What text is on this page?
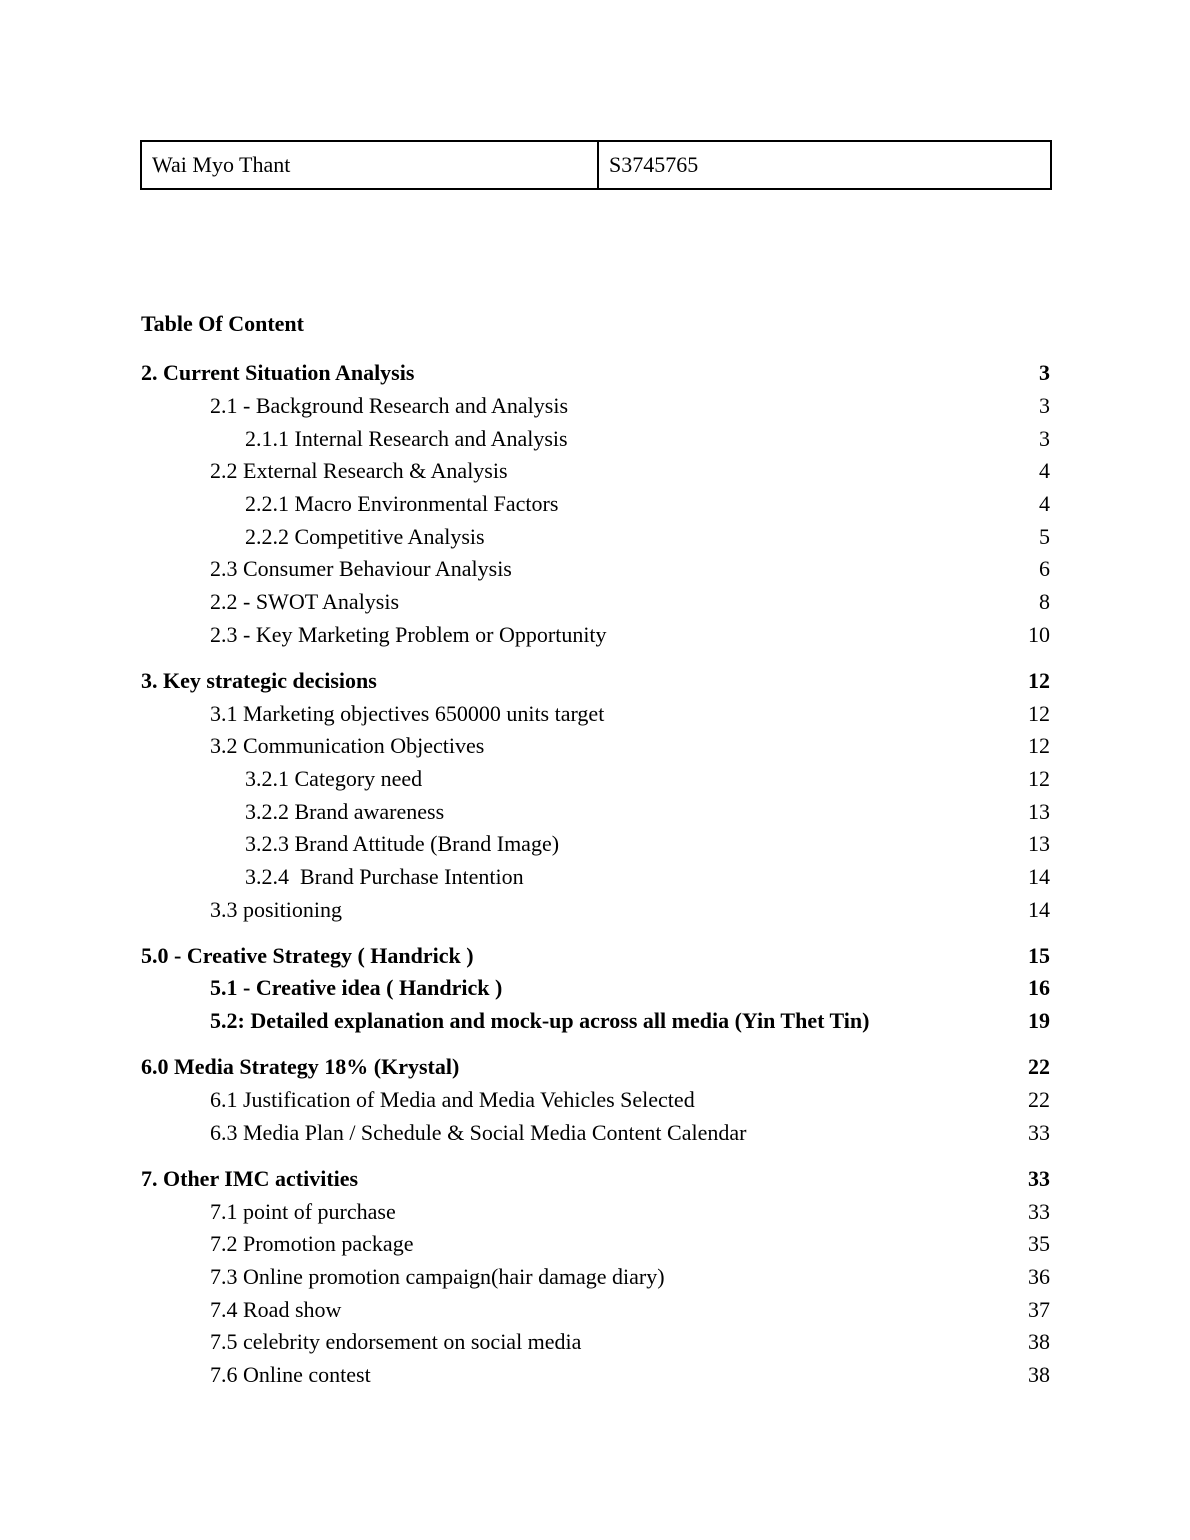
Wai Myo Thant	S3745765
Table Of Content
2. Current Situation Analysis	3
2.1 - Background Research and Analysis	3
2.1.1 Internal Research and Analysis	3
2.2 External Research & Analysis	4
2.2.1 Macro Environmental Factors	4
2.2.2 Competitive Analysis	5
2.3 Consumer Behaviour Analysis	6
2.2 - SWOT Analysis	8
2.3 - Key Marketing Problem or Opportunity	10
3. Key strategic decisions	12
3.1 Marketing objectives 650000 units target	12
3.2 Communication Objectives	12
3.2.1 Category need	12
3.2.2 Brand awareness	13
3.2.3 Brand Attitude (Brand Image)	13
3.2.4  Brand Purchase Intention	14
3.3 positioning	14
5.0 - Creative Strategy ( Handrick )	15
5.1 - Creative idea ( Handrick )	16
5.2: Detailed explanation and mock-up across all media (Yin Thet Tin)	19
6.0 Media Strategy 18% (Krystal)	22
6.1 Justification of Media and Media Vehicles Selected	22
6.3 Media Plan / Schedule & Social Media Content Calendar	33
7. Other IMC activities	33
7.1 point of purchase	33
7.2 Promotion package	35
7.3 Online promotion campaign(hair damage diary)	36
7.4 Road show	37
7.5 celebrity endorsement on social media	38
7.6 Online contest	38
